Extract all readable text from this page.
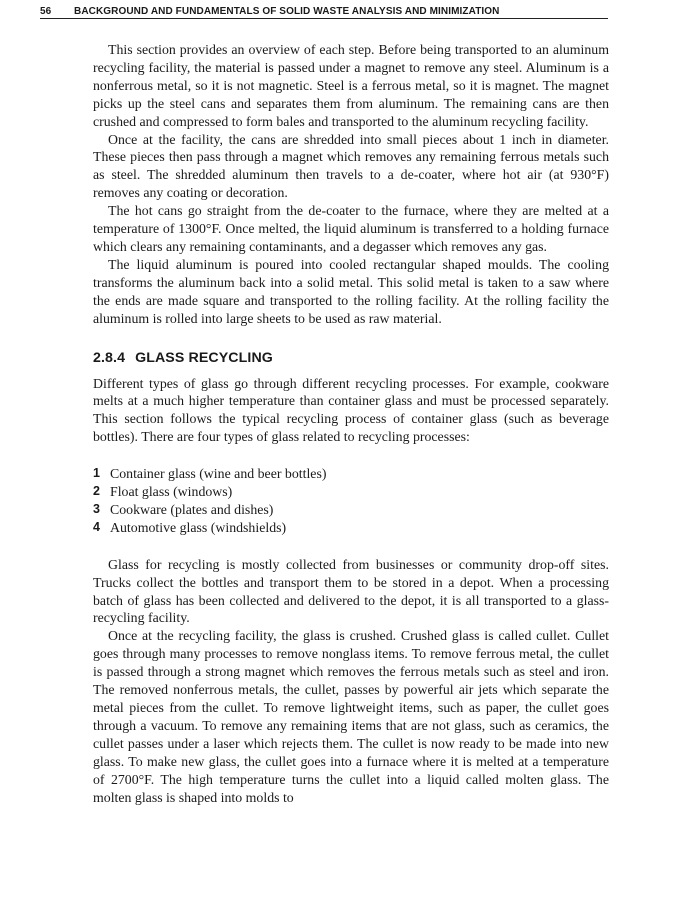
56 BACKGROUND AND FUNDAMENTALS OF SOLID WASTE ANALYSIS AND MINIMIZATION

This section provides an overview of each step. Before being transported to an aluminum recycling facility, the material is passed under a magnet to remove any steel. Aluminum is a nonferrous metal, so it is not magnetic. Steel is a ferrous metal, so it is magnet. The magnet picks up the steel cans and separates them from aluminum. The remaining cans are then crushed and compressed to form bales and transported to the aluminum recycling facility.

Once at the facility, the cans are shredded into small pieces about 1 inch in diameter. These pieces then pass through a magnet which removes any remaining ferrous metals such as steel. The shredded aluminum then travels to a de-coater, where hot air (at 930°F) removes any coating or decoration.

The hot cans go straight from the de-coater to the furnace, where they are melted at a temperature of 1300°F. Once melted, the liquid aluminum is transferred to a holding furnace which clears any remaining contaminants, and a degasser which removes any gas.

The liquid aluminum is poured into cooled rectangular shaped moulds. The cooling transforms the aluminum back into a solid metal. This solid metal is taken to a saw where the ends are made square and transported to the rolling facility. At the rolling facility the aluminum is rolled into large sheets to be used as raw material.

2.8.4 GLASS RECYCLING

Different types of glass go through different recycling processes. For example, cookware melts at a much higher temperature than container glass and must be processed separately. This section follows the typical recycling process of container glass (such as beverage bottles). There are four types of glass related to recycling processes:

1 Container glass (wine and beer bottles)
2 Float glass (windows)
3 Cookware (plates and dishes)
4 Automotive glass (windshields)

Glass for recycling is mostly collected from businesses or community drop-off sites. Trucks collect the bottles and transport them to be stored in a depot. When a processing batch of glass has been collected and delivered to the depot, it is all transported to a glass-recycling facility.

Once at the recycling facility, the glass is crushed. Crushed glass is called cullet. Cullet goes through many processes to remove nonglass items. To remove ferrous metal, the cullet is passed through a strong magnet which removes the ferrous metals such as steel and iron. The removed nonferrous metals, the cullet, passes by powerful air jets which separate the metal pieces from the cullet. To remove lightweight items, such as paper, the cullet goes through a vacuum. To remove any remaining items that are not glass, such as ceramics, the cullet passes under a laser which rejects them. The cullet is now ready to be made into new glass. To make new glass, the cullet goes into a furnace where it is melted at a temperature of 2700°F. The high temperature turns the cullet into a liquid called molten glass. The molten glass is shaped into molds to
